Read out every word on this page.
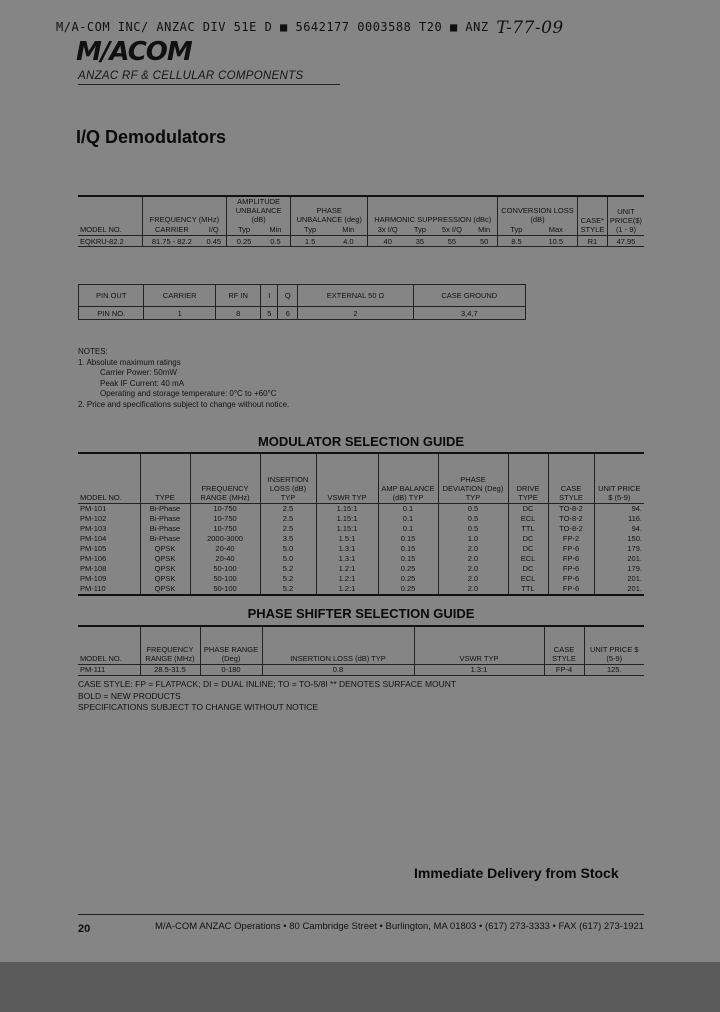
M/A-COM INC/ ANZAC DIV 51E D ■ 5642177 0003588 T20 ■ ANZ T-77-09
M/ACOM
ANZAC RF & CELLULAR COMPONENTS
I/Q Demodulators
MODEL NO.	FREQUENCY (MHz)		AMPLITUDE UNBALANCE (dB)		PHASE UNBALANCE (deg)		HARMONIC SUPPRESSION (dBc)				CONVERSION LOSS (dB)		CASE* STYLE	UNIT PRICE($) (1 - 9)
	CARRIER	I/Q	Typ	Min	Typ	Min	3x I/Q	Typ	5x I/Q	Min	Typ	Max		
EQKRU-82.2	81.75 - 82.2	0.45	0.25	0.5	1.5	4.0	40	35	55	50	8.5	10.5	R1	47.95
PIN OUT	CARRIER	RF IN	I	Q	EXTERNAL 50 Ω	CASE GROUND
PIN NO.	1	8	5	6	2	3,4,7
NOTES:
1. Absolute maximum ratings
Carrier Power: 50mW
Peak IF Current: 40 mA
Operating and storage temperature: 0°C to +60°C
2. Price and specifications subject to change without notice.
MODULATOR SELECTION GUIDE
MODEL NO.	TYPE	FREQUENCY RANGE (MHz)	INSERTION LOSS (dB) TYP	VSWR TYP	AMP BALANCE (dB) TYP	PHASE DEVIATION (Deg) TYP	DRIVE TYPE	CASE STYLE	UNIT PRICE $ (5-9)
PM-101	Bi-Phase	10-750	2.5	1.15:1	0.1	0.5	DC	TO-8-2	94.
PM-102	Bi-Phase	10-750	2.5	1.15:1	0.1	0.5	ECL	TO-8-2	116.
PM-103	Bi-Phase	10-750	2.5	1.15:1	0.1	0.5	TTL	TO-8-2	94.
PM-104	Bi-Phase	2000-3000	3.5	1.5:1	0.15	1.0	DC	FP-2	150.
PM-105	QPSK	20-40	5.0	1.3:1	0.15	2.0	DC	FP-6	179.
PM-106	QPSK	20-40	5.0	1.3:1	0.15	2.0	ECL	FP-6	201.
PM-108	QPSK	50-100	5.2	1.2:1	0.25	2.0	DC	FP-6	179.
PM-109	QPSK	50-100	5.2	1.2:1	0.25	2.0	ECL	FP-6	201.
PM-110	QPSK	50-100	5.2	1.2:1	0.25	2.0	TTL	FP-6	201.
PHASE SHIFTER SELECTION GUIDE
MODEL NO.	FREQUENCY RANGE (MHz)	PHASE RANGE (Deg)	INSERTION LOSS (dB) TYP	VSWR TYP	CASE STYLE	UNIT PRICE $ (5-9)
PM-111	28.5-31.5	0-180	0.8	1.3:1	FP-4	125.
CASE STYLE: FP = FLATPACK; DI = DUAL INLINE; TO = TO-5/8I ** DENOTES SURFACE MOUNT
BOLD = NEW PRODUCTS
SPECIFICATIONS SUBJECT TO CHANGE WITHOUT NOTICE
Immediate Delivery from Stock
20	M/A-COM ANZAC Operations • 80 Cambridge Street • Burlington, MA 01803 • (617) 273-3333 • FAX (617) 273-1921
